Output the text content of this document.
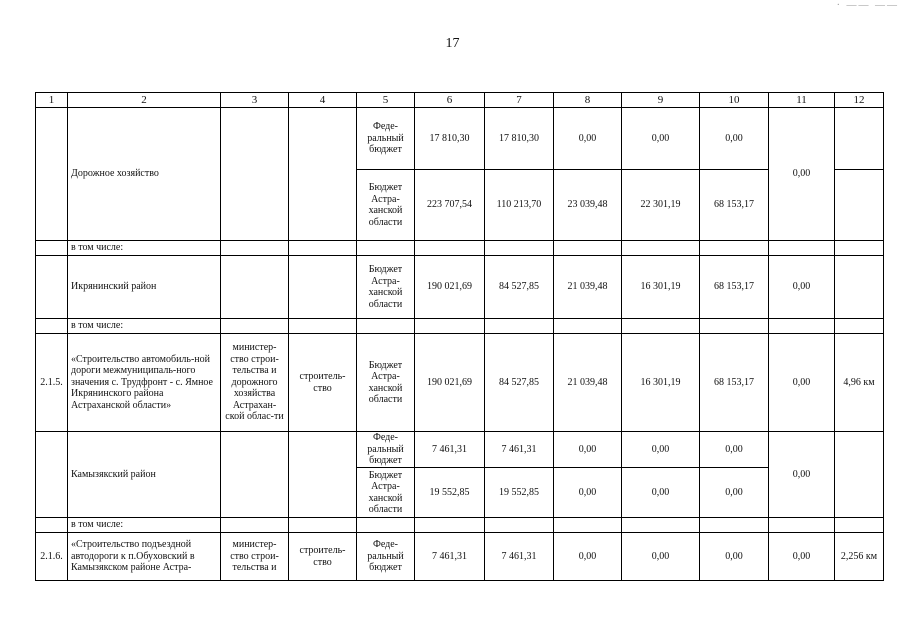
17
· —— ——
1	2	3	4	5	6	7	8	9	10	11	12
	Дорожное хозяйство			Феде-ральный бюджет	17 810,30	17 810,30	0,00	0,00	0,00	0,00	
				Бюджет Астра-ханской области	223 707,54	110 213,70	23 039,48	22 301,19	68 153,17		
	в том числе:										
	Икрянинский район			Бюджет Астра-ханской области	190 021,69	84 527,85	21 039,48	16 301,19	68 153,17	0,00	
	в том числе:										
2.1.5.	«Строительство автомобиль-ной дороги межмуниципаль-ного значения с. Трудфронт - с. Ямное Икрянинского района Астраханской области»	министер-ство строи-тельства и дорожного хозяйства Астрахан-ской облас-ти	строитель-ство	Бюджет Астра-ханской области	190 021,69	84 527,85	21 039,48	16 301,19	68 153,17	0,00	4,96 км
	Камызякский район			Феде-ральный бюджет	7 461,31	7 461,31	0,00	0,00	0,00	0,00	
				Бюджет Астра-ханской области	19 552,85	19 552,85	0,00	0,00	0,00		
	в том числе:										
2.1.6.	«Строительство подъездной автодороги к п.Обуховский в Камызякском районе Астра-	министер-ство строи-тельства и	строитель-ство	Феде-ральный бюджет	7 461,31	7 461,31	0,00	0,00	0,00	0,00	2,256 км
